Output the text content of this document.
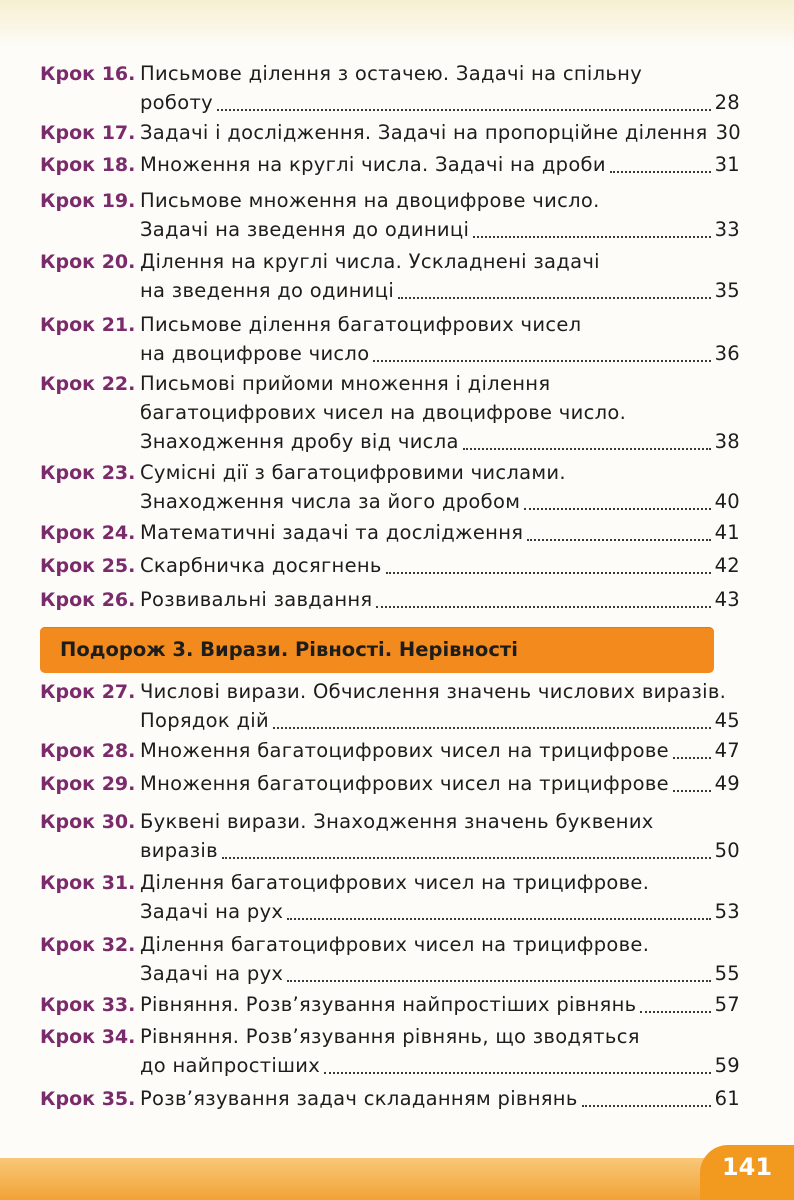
Крок 16. Письмове ділення з остачею. Задачі на спільну
роботу	28
Крок 17. Задачі і дослідження. Задачі на пропорційне ділення 30
Крок 18. Множення на круглі числа. Задачі на дроби	31
Крок 19. Письмове множення на двоцифрове число.
Задачі на зведення до одиниці	33
Крок 20. Ділення на круглі числа. Ускладнені задачі
на зведення до одиниці	35
Крок 21. Письмове ділення багатоцифрових чисел
на двоцифрове число	36
Крок 22. Письмові прийоми множення і ділення
багатоцифрових чисел на двоцифрове число.
Знаходження дробу від числа	38
Крок 23. Сумісні дії з багатоцифровими числами.
Знаходження числа за його дробом	40
Крок 24. Математичні задачі та дослідження	41
Крок 25. Скарбничка досягнень	42
Крок 26. Розвивальні завдання	43
Крок 27. Числові вирази. Обчислення значень числових виразів.
Порядок дій	45
Крок 28. Множення багатоцифрових чисел на трицифрове 47
Крок 29. Множення багатоцифрових чисел на трицифрове 49
Крок 30. Буквені вирази. Знаходження значень буквених
виразів	50
Крок 31. Ділення багатоцифрових чисел на трицифрове.
Задачі на рух	53
Крок 32. Ділення багатоцифрових чисел на трицифрове.
Задачі на рух	55
Крок 33. Рівняння. Розв’язування найпростіших рівнянь	57
Крок 34. Рівняння. Розв’язування рівнянь, що зводяться
до найпростіших	59
Крок 35. Розв’язування задач складанням рівнянь	61
Подорож 3. Вирази. Рівності. Нерівності
141
